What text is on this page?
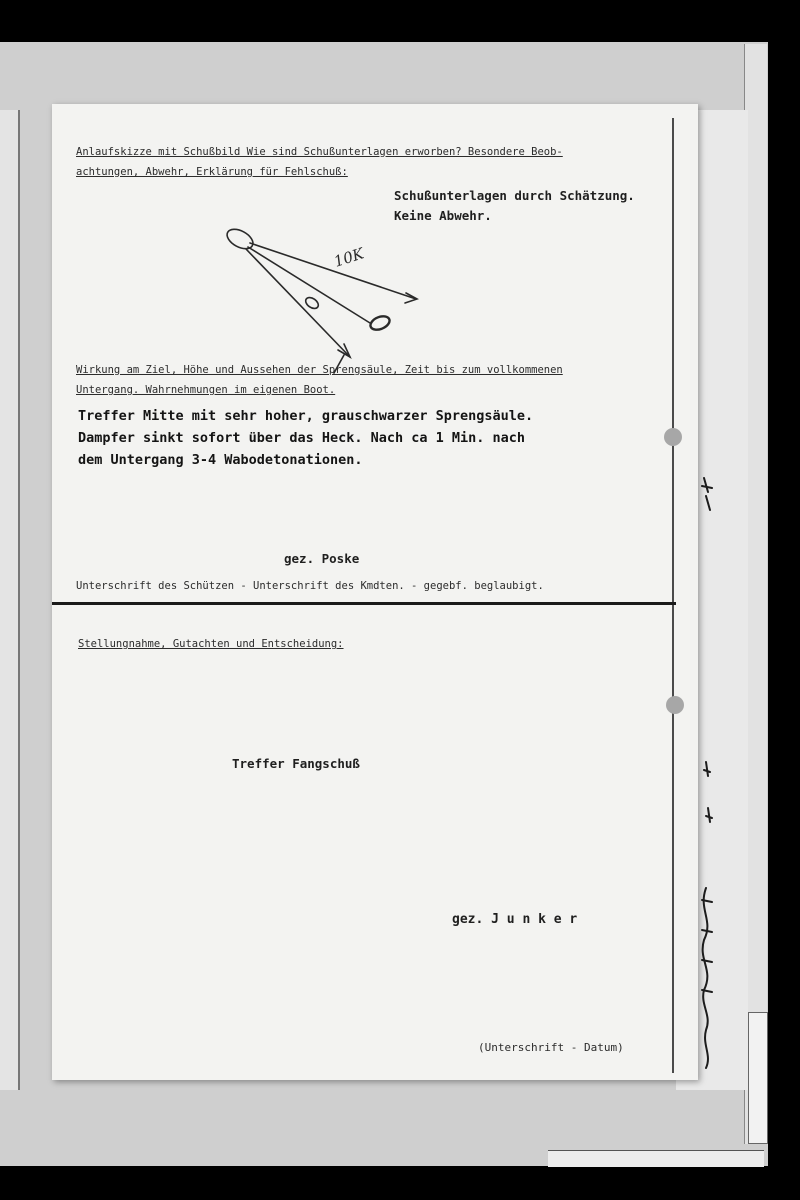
Anlaufskizze mit Schußbild Wie sind Schußunterlagen erworben? Besondere Beob-
achtungen, Abwehr, Erklärung für Fehlschuß:
Schußunterlagen durch Schätzung.
Keine Abwehr.
10K
Wirkung am Ziel, Höhe und Aussehen der Sprengsäule, Zeit bis zum vollkommenen
Untergang. Wahrnehmungen im eigenen Boot.
Treffer Mitte mit sehr hoher, grauschwarzer Sprengsäule.
Dampfer sinkt sofort über das Heck. Nach ca 1 Min. nach
dem Untergang 3-4 Wabodetonationen.
gez. Poske
Unterschrift des Schützen - Unterschrift des Kmdten. - gegebf. beglaubigt.
Stellungnahme, Gutachten und Entscheidung:
Treffer Fangschuß
gez. J u n k e r
(Unterschrift - Datum)
